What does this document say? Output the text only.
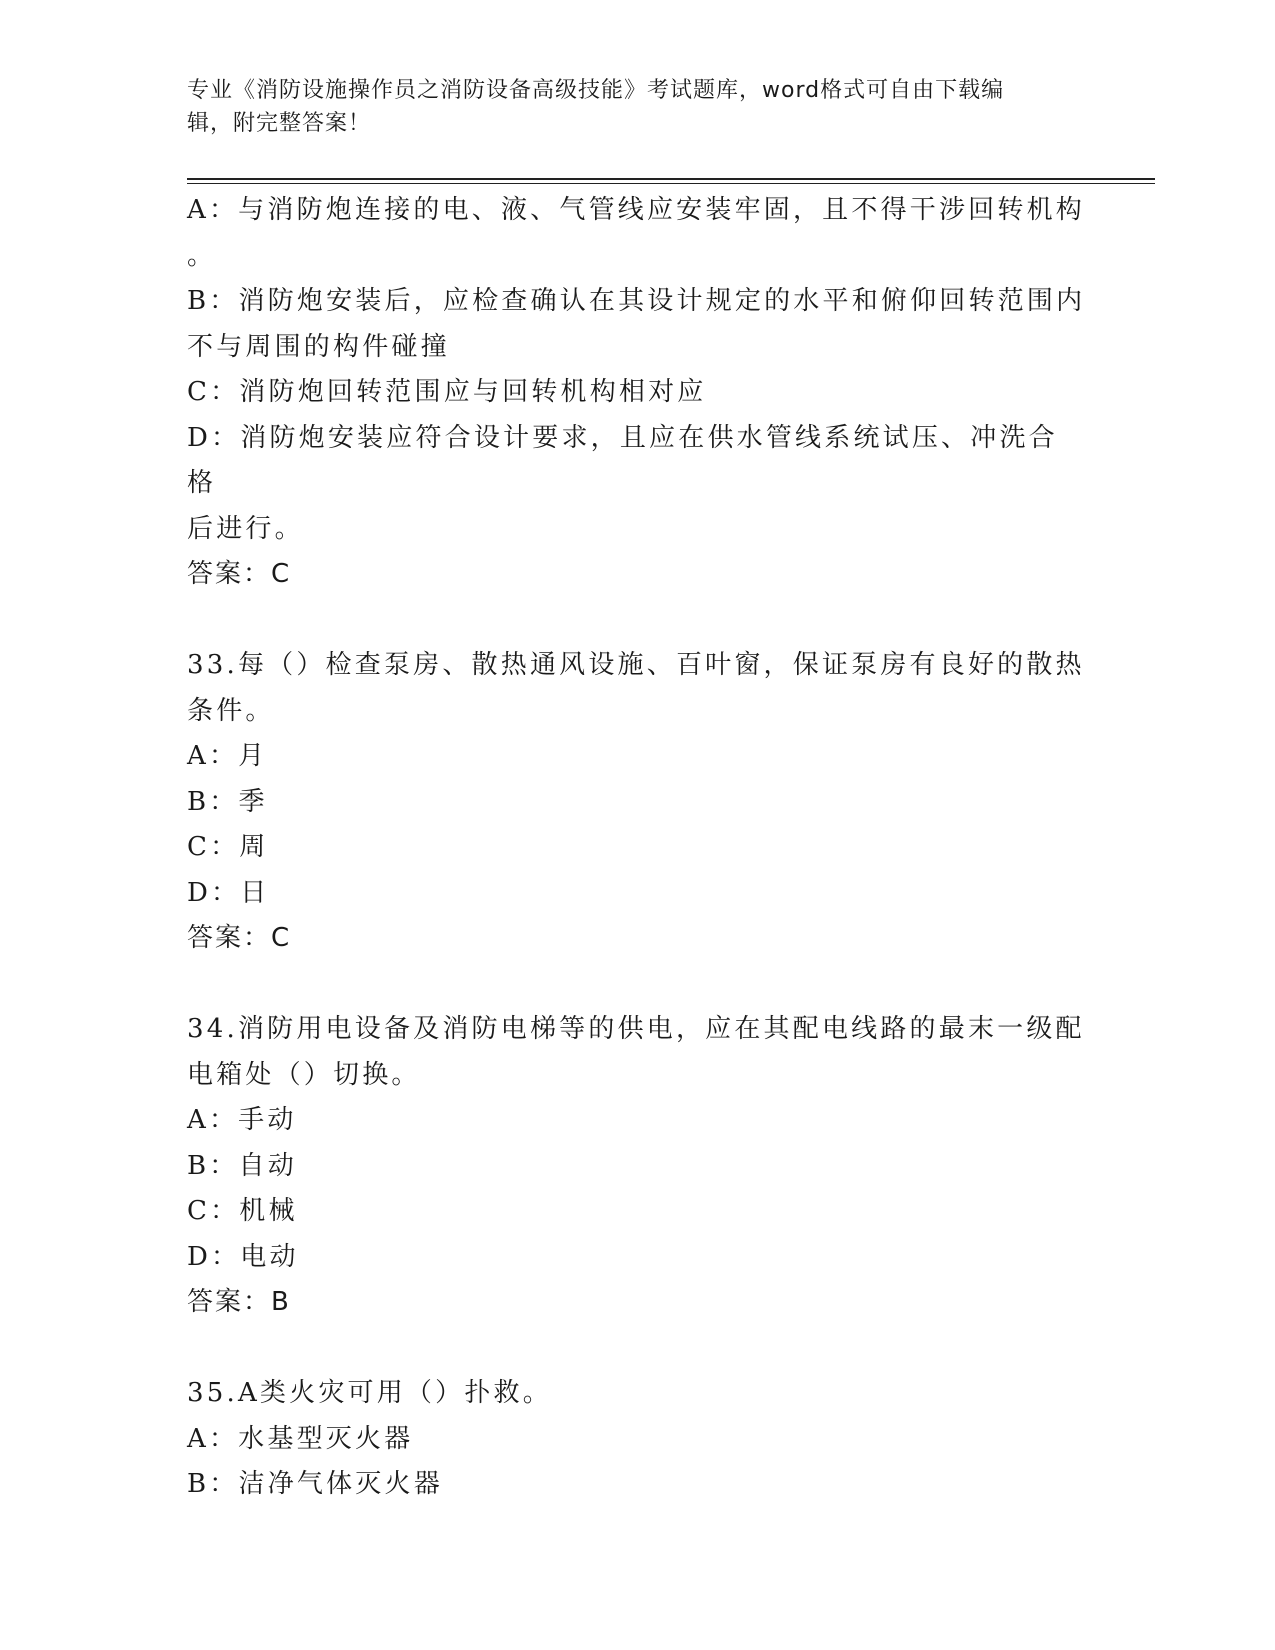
专业《消防设施操作员之消防设备高级技能》考试题库，word格式可自由下载编
辑，附完整答案！
A：与消防炮连接的电、液、气管线应安装牢固，且不得干涉回转机构
。
B：消防炮安装后，应检查确认在其设计规定的水平和俯仰回转范围内
不与周围的构件碰撞
C：消防炮回转范围应与回转机构相对应
D：消防炮安装应符合设计要求，且应在供水管线系统试压、冲洗合格
后进行。
答案：C
33.每（）检查泵房、散热通风设施、百叶窗，保证泵房有良好的散热
条件。
A：月
B：季
C：周
D：日
答案：C
34.消防用电设备及消防电梯等的供电，应在其配电线路的最末一级配
电箱处（）切换。
A：手动
B：自动
C：机械
D：电动
答案：B
35.A类火灾可用（）扑救。
A：水基型灭火器
B：洁净气体灭火器
